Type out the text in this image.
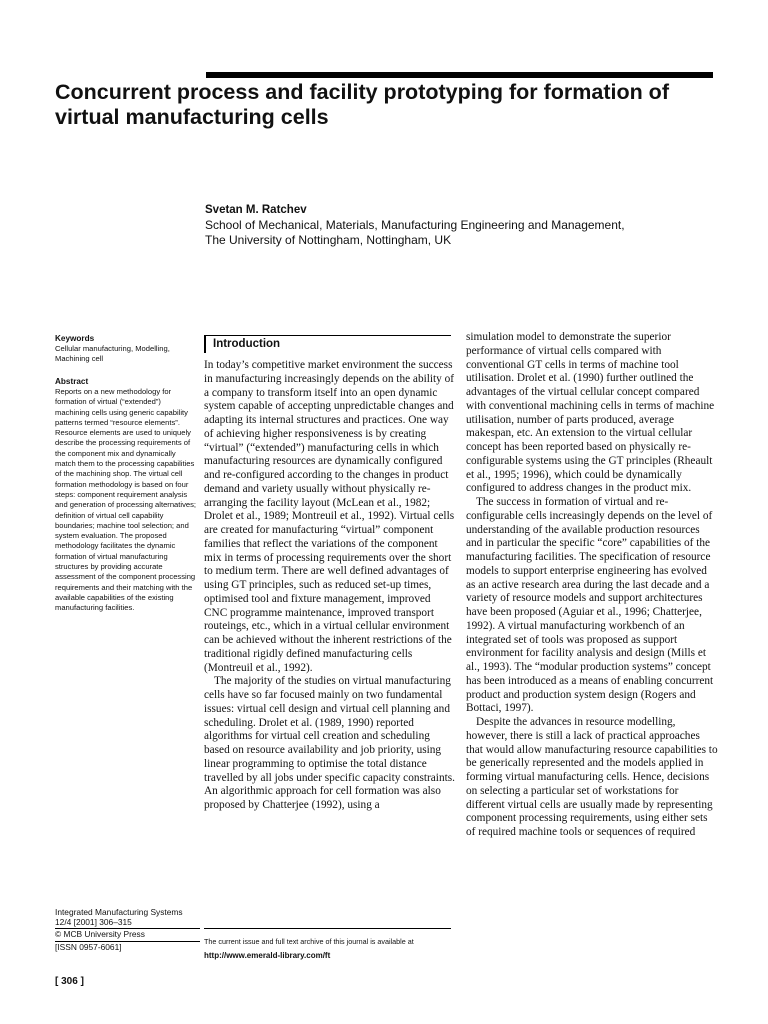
Concurrent process and facility prototyping for formation of virtual manufacturing cells
Svetan M. Ratchev
School of Mechanical, Materials, Manufacturing Engineering and Management,
The University of Nottingham, Nottingham, UK
Keywords

Cellular manufacturing, Modelling, Machining cell

Abstract

Reports on a new methodology for formation of virtual (“extended”) machining cells using generic capability patterns termed “resource elements”. Resource elements are used to uniquely describe the processing requirements of the component mix and dynamically match them to the processing capabilities of the machining shop. The virtual cell formation methodology is based on four steps: component requirement analysis and generation of processing alternatives; definition of virtual cell capability boundaries; machine tool selection; and system evaluation. The proposed methodology facilitates the dynamic formation of virtual manufacturing structures by providing accurate assessment of the component processing requirements and their matching with the available capabilities of the existing manufacturing facilities.

Introduction

In today’s competitive market environment the success in manufacturing increasingly depends on the ability of a company to transform itself into an open dynamic system capable of accepting unpredictable changes and adapting its internal structures and practices. One way of achieving higher responsiveness is by creating “virtual” (“extended”) manufacturing cells in which manufacturing resources are dynamically configured and re-configured according to the changes in product demand and variety usually without physically re-arranging the facility layout (McLean et al., 1982; Drolet et al., 1989; Montreuil et al., 1992). Virtual cells are created for manufacturing “virtual” component families that reflect the variations of the component mix in terms of processing requirements over the short to medium term. There are well defined advantages of using GT principles, such as reduced set-up times, optimised tool and fixture management, improved CNC programme maintenance, improved transport routeings, etc., which in a virtual cellular environment can be achieved without the inherent restrictions of the traditional rigidly defined manufacturing cells (Montreuil et al., 1992).

The majority of the studies on virtual manufacturing cells have so far focused mainly on two fundamental issues: virtual cell design and virtual cell planning and scheduling. Drolet et al. (1989, 1990) reported algorithms for virtual cell creation and scheduling based on resource availability and job priority, using linear programming to optimise the total distance travelled by all jobs under specific capacity constraints. An algorithmic approach for cell formation was also proposed by Chatterjee (1992), using a

simulation model to demonstrate the superior performance of virtual cells compared with conventional GT cells in terms of machine tool utilisation. Drolet et al. (1990) further outlined the advantages of the virtual cellular concept compared with conventional machining cells in terms of machine utilisation, number of parts produced, average makespan, etc. An extension to the virtual cellular concept has been reported based on physically re-configurable systems using the GT principles (Rheault et al., 1995; 1996), which could be dynamically configured to address changes in the product mix.

The success in formation of virtual and re-configurable cells increasingly depends on the level of understanding of the available production resources and in particular the specific “core” capabilities of the manufacturing facilities. The specification of resource models to support enterprise engineering has evolved as an active research area during the last decade and a variety of resource models and support architectures have been proposed (Aguiar et al., 1996; Chatterjee, 1992). A virtual manufacturing workbench of an integrated set of tools was proposed as support environment for facility analysis and design (Mills et al., 1993). The “modular production systems” concept has been introduced as a means of enabling concurrent product and production system design (Rogers and Bottaci, 1997).

Despite the advances in resource modelling, however, there is still a lack of practical approaches that would allow manufacturing resource capabilities to be generically represented and the models applied in forming virtual manufacturing cells. Hence, decisions on selecting a particular set of workstations for different virtual cells are usually made by representing component processing requirements, using either sets of required machine tools or sequences of required

The current issue and full text archive of this journal is available at
http://www.emerald-library.com/ft
Integrated Manufacturing Systems
12/4 [2001] 306–315
© MCB University Press
[ISSN 0957-6061]
[ 306 ]
